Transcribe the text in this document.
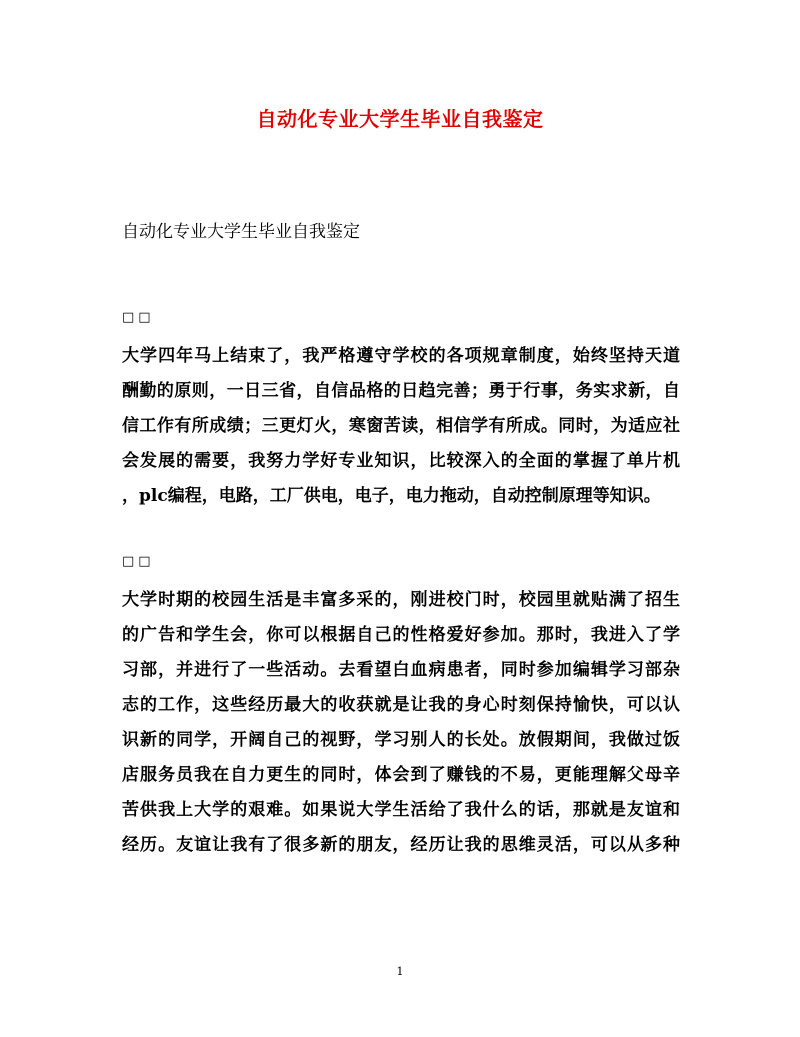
自动化专业大学生毕业自我鉴定

自动化专业大学生毕业自我鉴定

□□
大学四年马上结束了，我严格遵守学校的各项规章制度，始终坚持天道
酬勤的原则，一日三省，自信品格的日趋完善；勇于行事，务实求新，自
信工作有所成绩；三更灯火，寒窗苦读，相信学有所成。同时，为适应社
会发展的需要，我努力学好专业知识，比较深入的全面的掌握了单片机
，plc编程，电路，工厂供电，电子，电力拖动，自动控制原理等知识。
□□
大学时期的校园生活是丰富多采的，刚进校门时，校园里就贴满了招生
的广告和学生会，你可以根据自己的性格爱好参加。那时，我进入了学
习部，并进行了一些活动。去看望白血病患者，同时参加编辑学习部杂
志的工作，这些经历最大的收获就是让我的身心时刻保持愉快，可以认
识新的同学，开阔自己的视野，学习别人的长处。放假期间，我做过饭
店服务员我在自力更生的同时，体会到了赚钱的不易，更能理解父母辛
苦供我上大学的艰难。如果说大学生活给了我什么的话，那就是友谊和
经历。友谊让我有了很多新的朋友，经历让我的思维灵活，可以从多种
1
